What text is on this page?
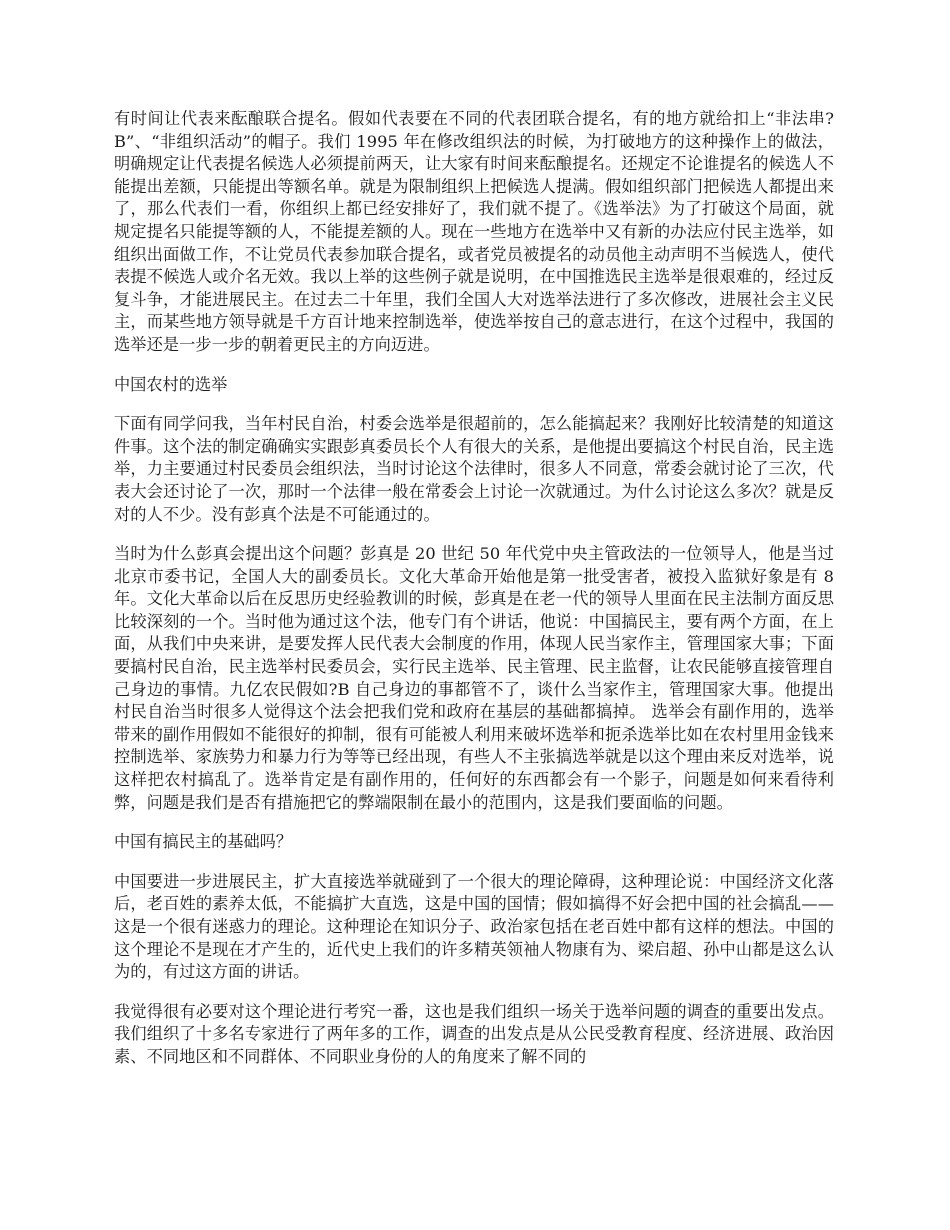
有时间让代表来酝酿联合提名。假如代表要在不同的代表团联合提名，有的地方就给扣上“非法串?B”、“非组织活动”的帽子。我们 1995 年在修改组织法的时候，为打破地方的这种操作上的做法，明确规定让代表提名候选人必须提前两天，让大家有时间来酝酿提名。还规定不论谁提名的候选人不能提出差额，只能提出等额名单。就是为限制组织上把候选人提满。假如组织部门把候选人都提出来了，那么代表们一看，你组织上都已经安排好了，我们就不提了。《选举法》为了打破这个局面，就规定提名只能提等额的人，不能提差额的人。现在一些地方在选举中又有新的办法应付民主选举，如组织出面做工作，不让党员代表参加联合提名，或者党员被提名的动员他主动声明不当候选人，使代表提不候选人或介名无效。我以上举的这些例子就是说明，在中国推选民主选举是很艰难的，经过反复斗争，才能进展民主。在过去二十年里，我们全国人大对选举法进行了多次修改，进展社会主义民主，而某些地方领导就是千方百计地来控制选举，使选举按自己的意志进行，在这个过程中，我国的选举还是一步一步的朝着更民主的方向迈进。

中国农村的选举

下面有同学问我，当年村民自治，村委会选举是很超前的，怎么能搞起来？我刚好比较清楚的知道这件事。这个法的制定确确实实跟彭真委员长个人有很大的关系，是他提出要搞这个村民自治，民主选举，力主要通过村民委员会组织法，当时讨论这个法律时，很多人不同意，常委会就讨论了三次，代表大会还讨论了一次，那时一个法律一般在常委会上讨论一次就通过。为什么讨论这么多次？就是反对的人不少。没有彭真个法是不可能通过的。

当时为什么彭真会提出这个问题？彭真是 20 世纪 50 年代党中央主管政法的一位领导人，他是当过北京市委书记，全国人大的副委员长。文化大革命开始他是第一批受害者，被投入监狱好象是有 8 年。文化大革命以后在反思历史经验教训的时候，彭真是在老一代的领导人里面在民主法制方面反思比较深刻的一个。当时他为通过这个法，他专门有个讲话，他说：中国搞民主，要有两个方面，在上面，从我们中央来讲，是要发挥人民代表大会制度的作用，体现人民当家作主，管理国家大事；下面要搞村民自治，民主选举村民委员会，实行民主选举、民主管理、民主监督，让农民能够直接管理自己身边的事情。九亿农民假如?B 自己身边的事都管不了，谈什么当家作主，管理国家大事。他提出村民自治当时很多人觉得这个法会把我们党和政府在基层的基础都搞掉。 选举会有副作用的，选举带来的副作用假如不能很好的抑制，很有可能被人利用来破坏选举和扼杀选举比如在农村里用金钱来控制选举、家族势力和暴力行为等等已经出现，有些人不主张搞选举就是以这个理由来反对选举，说这样把农村搞乱了。选举肯定是有副作用的，任何好的东西都会有一个影子，问题是如何来看待利弊，问题是我们是否有措施把它的弊端限制在最小的范围内，这是我们要面临的问题。

中国有搞民主的基础吗？

中国要进一步进展民主，扩大直接选举就碰到了一个很大的理论障碍，这种理论说：中国经济文化落后，老百姓的素养太低，不能搞扩大直选，这是中国的国情；假如搞得不好会把中国的社会搞乱——这是一个很有迷惑力的理论。这种理论在知识分子、政治家包括在老百姓中都有这样的想法。中国的这个理论不是现在才产生的，近代史上我们的许多精英领袖人物康有为、梁启超、孙中山都是这么认为的，有过这方面的讲话。

我觉得很有必要对这个理论进行考究一番，这也是我们组织一场关于选举问题的调查的重要出发点。我们组织了十多名专家进行了两年多的工作，调查的出发点是从公民受教育程度、经济进展、政治因素、不同地区和不同群体、不同职业身份的人的角度来了解不同的
